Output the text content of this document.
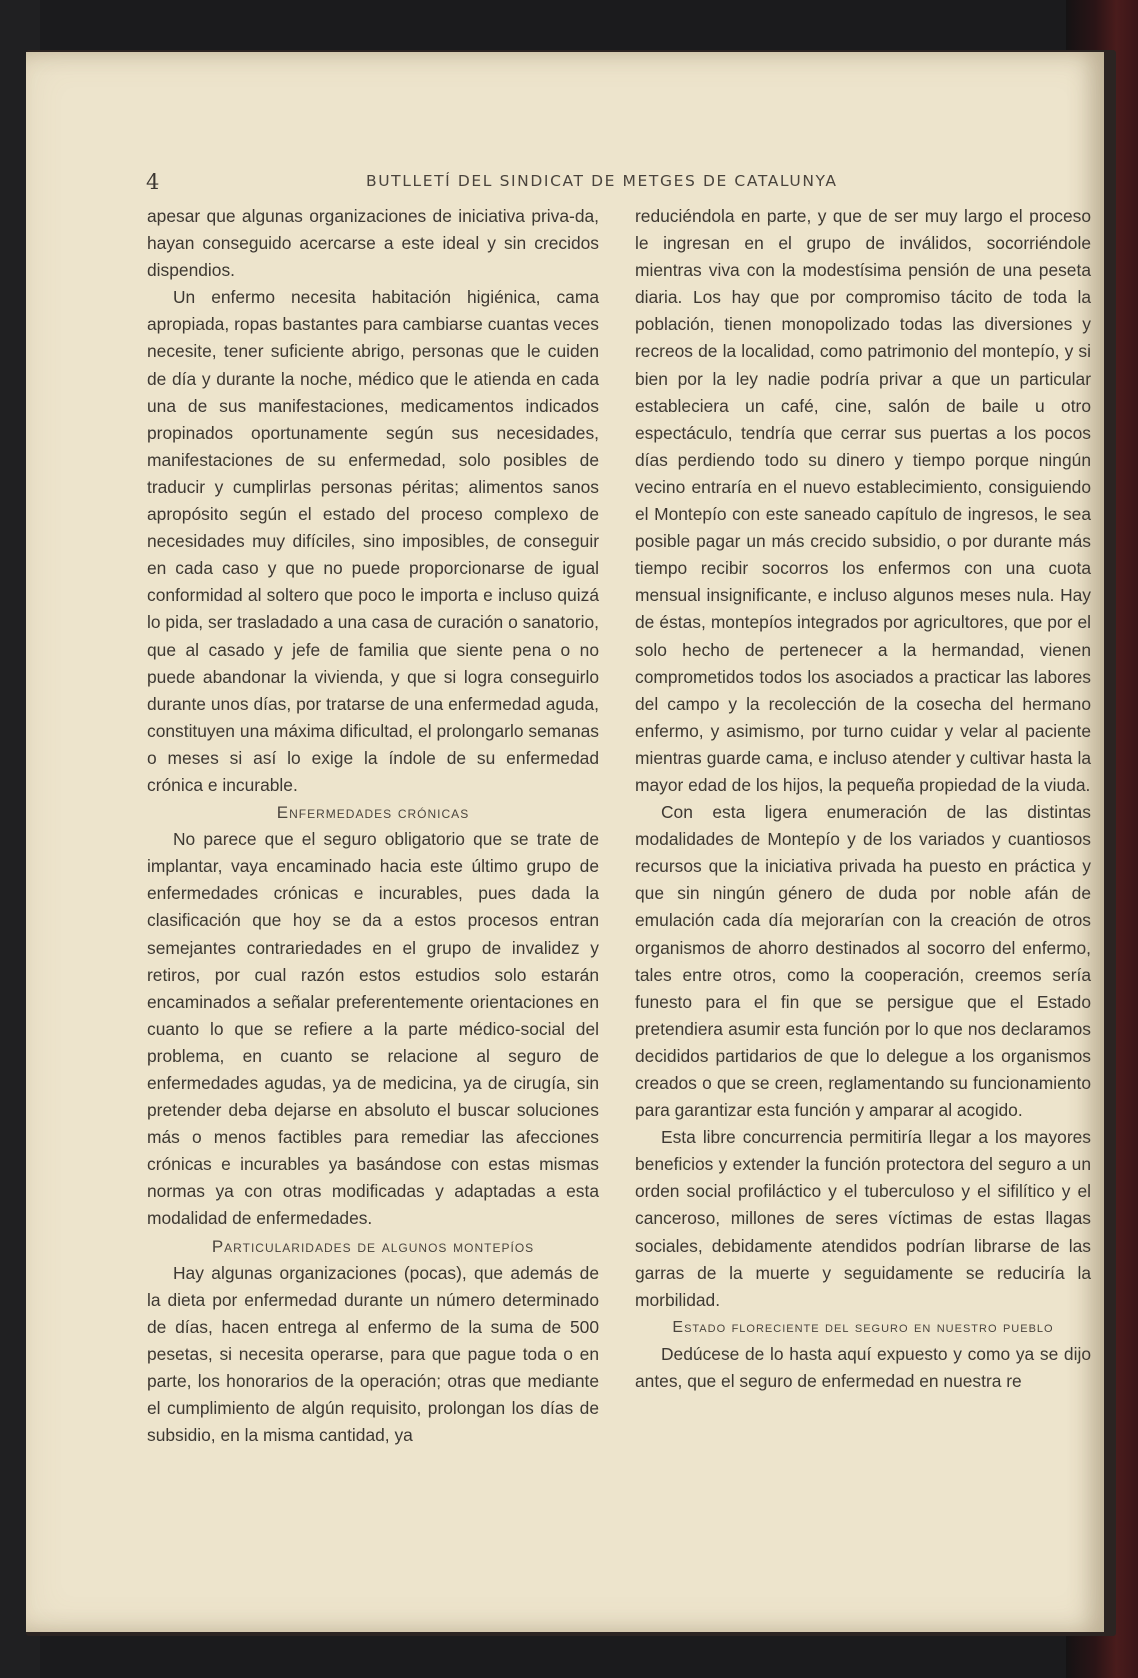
4	BUTLLETÍ DEL SINDICAT DE METGES DE CATALUNYA

apesar que algunas organizaciones de iniciativa priva-da, hayan conseguido acercarse a este ideal y sin crecidos dispendios.

Un enfermo necesita habitación higiénica, cama apropiada, ropas bastantes para cambiarse cuantas veces necesite, tener suficiente abrigo, personas que le cuiden de día y durante la noche, médico que le atienda en cada una de sus manifestaciones, medicamentos indicados propinados oportunamente según sus necesidades, manifestaciones de su enfermedad, solo posibles de traducir y cumplirlas personas péritas; alimentos sanos apropósito según el estado del proceso complexo de necesidades muy difíciles, sino imposibles, de conseguir en cada caso y que no puede proporcionarse de igual conformidad al soltero que poco le importa e incluso quizá lo pida, ser trasladado a una casa de curación o sanatorio, que al casado y jefe de familia que siente pena o no puede abandonar la vivienda, y que si logra conseguirlo durante unos días, por tratarse de una enfermedad aguda, constituyen una máxima dificultad, el prolongarlo semanas o meses si así lo exige la índole de su enfermedad crónica e incurable.

Enfermedades crónicas

No parece que el seguro obligatorio que se trate de implantar, vaya encaminado hacia este último grupo de enfermedades crónicas e incurables, pues dada la clasificación que hoy se da a estos procesos entran semejantes contrariedades en el grupo de invalidez y retiros, por cual razón estos estudios solo estarán encaminados a señalar preferentemente orientaciones en cuanto lo que se refiere a la parte médico-social del problema, en cuanto se relacione al seguro de enfermedades agudas, ya de medicina, ya de cirugía, sin pretender deba dejarse en absoluto el buscar soluciones más o menos factibles para remediar las afecciones crónicas e incurables ya basándose con estas mismas normas ya con otras modificadas y adaptadas a esta modalidad de enfermedades.

Particularidades de algunos montepíos

Hay algunas organizaciones (pocas), que además de la dieta por enfermedad durante un número determinado de días, hacen entrega al enfermo de la suma de 500 pesetas, si necesita operarse, para que pague toda o en parte, los honorarios de la operación; otras que mediante el cumplimiento de algún requisito, prolongan los días de subsidio, en la misma cantidad, ya

reduciéndola en parte, y que de ser muy largo el proceso le ingresan en el grupo de inválidos, socorriéndole mientras viva con la modestísima pensión de una peseta diaria. Los hay que por compromiso tácito de toda la población, tienen monopolizado todas las diversiones y recreos de la localidad, como patrimonio del montepío, y si bien por la ley nadie podría privar a que un particular estableciera un café, cine, salón de baile u otro espectáculo, tendría que cerrar sus puertas a los pocos días perdiendo todo su dinero y tiempo porque ningún vecino entraría en el nuevo establecimiento, consiguiendo el Montepío con este saneado capítulo de ingresos, le sea posible pagar un más crecido subsidio, o por durante más tiempo recibir socorros los enfermos con una cuota mensual insignificante, e incluso algunos meses nula. Hay de éstas, montepíos integrados por agricultores, que por el solo hecho de pertenecer a la hermandad, vienen comprometidos todos los asociados a practicar las labores del campo y la recolección de la cosecha del hermano enfermo, y asimismo, por turno cuidar y velar al paciente mientras guarde cama, e incluso atender y cultivar hasta la mayor edad de los hijos, la pequeña propiedad de la viuda.

Con esta ligera enumeración de las distintas modalidades de Montepío y de los variados y cuantiosos recursos que la iniciativa privada ha puesto en práctica y que sin ningún género de duda por noble afán de emulación cada día mejorarían con la creación de otros organismos de ahorro destinados al socorro del enfermo, tales entre otros, como la cooperación, creemos sería funesto para el fin que se persigue que el Estado pretendiera asumir esta función por lo que nos declaramos decididos partidarios de que lo delegue a los organismos creados o que se creen, reglamentando su funcionamiento para garantizar esta función y amparar al acogido.

Esta libre concurrencia permitiría llegar a los mayores beneficios y extender la función protectora del seguro a un orden social profiláctico y el tuberculoso y el sifilítico y el canceroso, millones de seres víctimas de estas llagas sociales, debidamente atendidos podrían librarse de las garras de la muerte y seguidamente se reduciría la morbilidad.

Estado floreciente del seguro en nuestro pueblo

Dedúcese de lo hasta aquí expuesto y como ya se dijo antes, que el seguro de enfermedad en nuestra re
